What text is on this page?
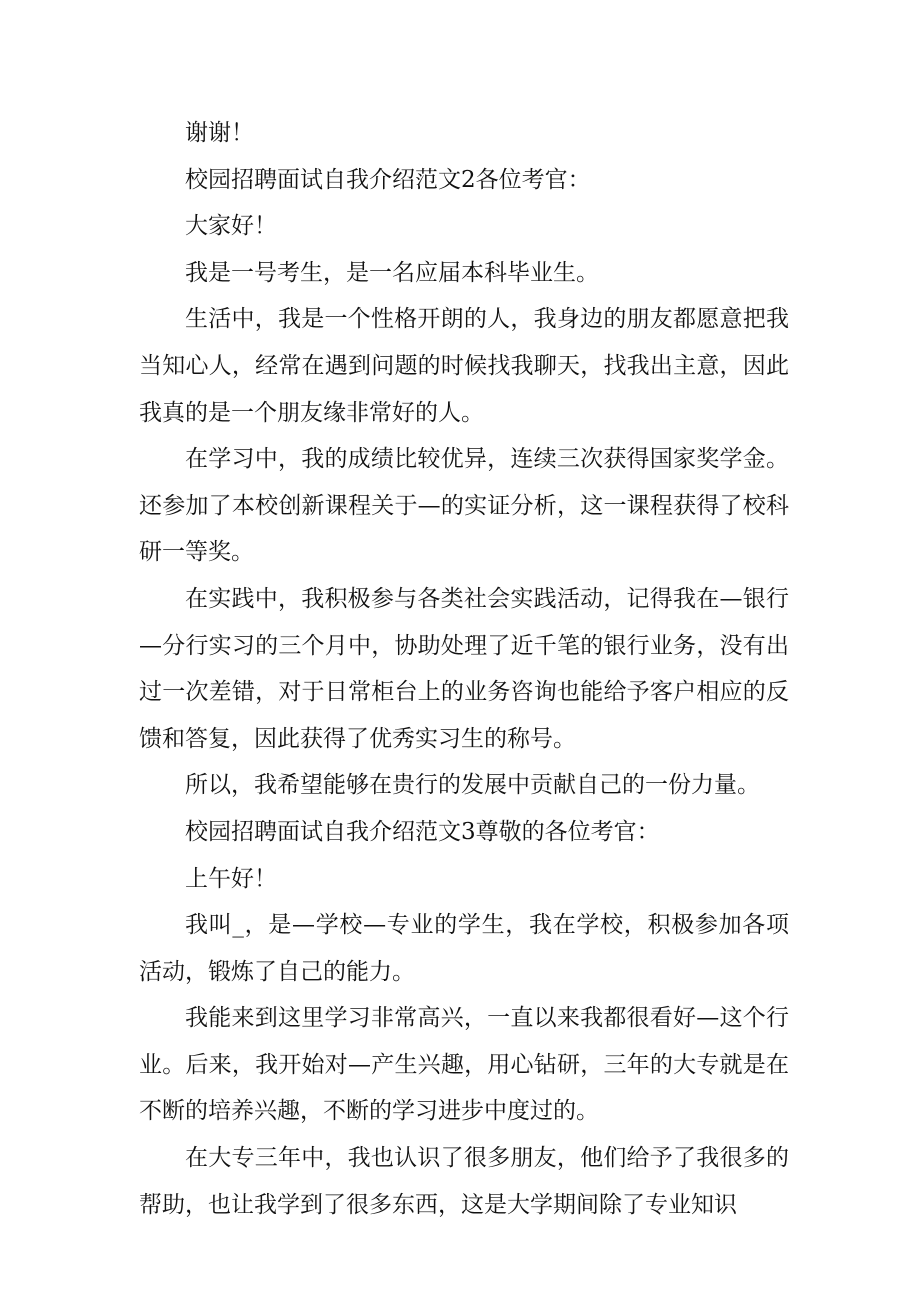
谢谢！

校园招聘面试自我介绍范文2各位考官：

大家好！

我是一号考生，是一名应届本科毕业生。

生活中，我是一个性格开朗的人，我身边的朋友都愿意把我当知心人，经常在遇到问题的时候找我聊天，找我出主意，因此我真的是一个朋友缘非常好的人。

在学习中，我的成绩比较优异，连续三次获得国家奖学金。还参加了本校创新课程关于—的实证分析，这一课程获得了校科研一等奖。

在实践中，我积极参与各类社会实践活动，记得我在—银行—分行实习的三个月中，协助处理了近千笔的银行业务，没有出过一次差错，对于日常柜台上的业务咨询也能给予客户相应的反馈和答复，因此获得了优秀实习生的称号。

所以，我希望能够在贵行的发展中贡献自己的一份力量。

校园招聘面试自我介绍范文3尊敬的各位考官：

上午好！

我叫_，是—学校—专业的学生，我在学校，积极参加各项活动，锻炼了自己的能力。

我能来到这里学习非常高兴，一直以来我都很看好—这个行业。后来，我开始对—产生兴趣，用心钻研，三年的大专就是在不断的培养兴趣，不断的学习进步中度过的。

在大专三年中，我也认识了很多朋友，他们给予了我很多的帮助，也让我学到了很多东西，这是大学期间除了专业知识
